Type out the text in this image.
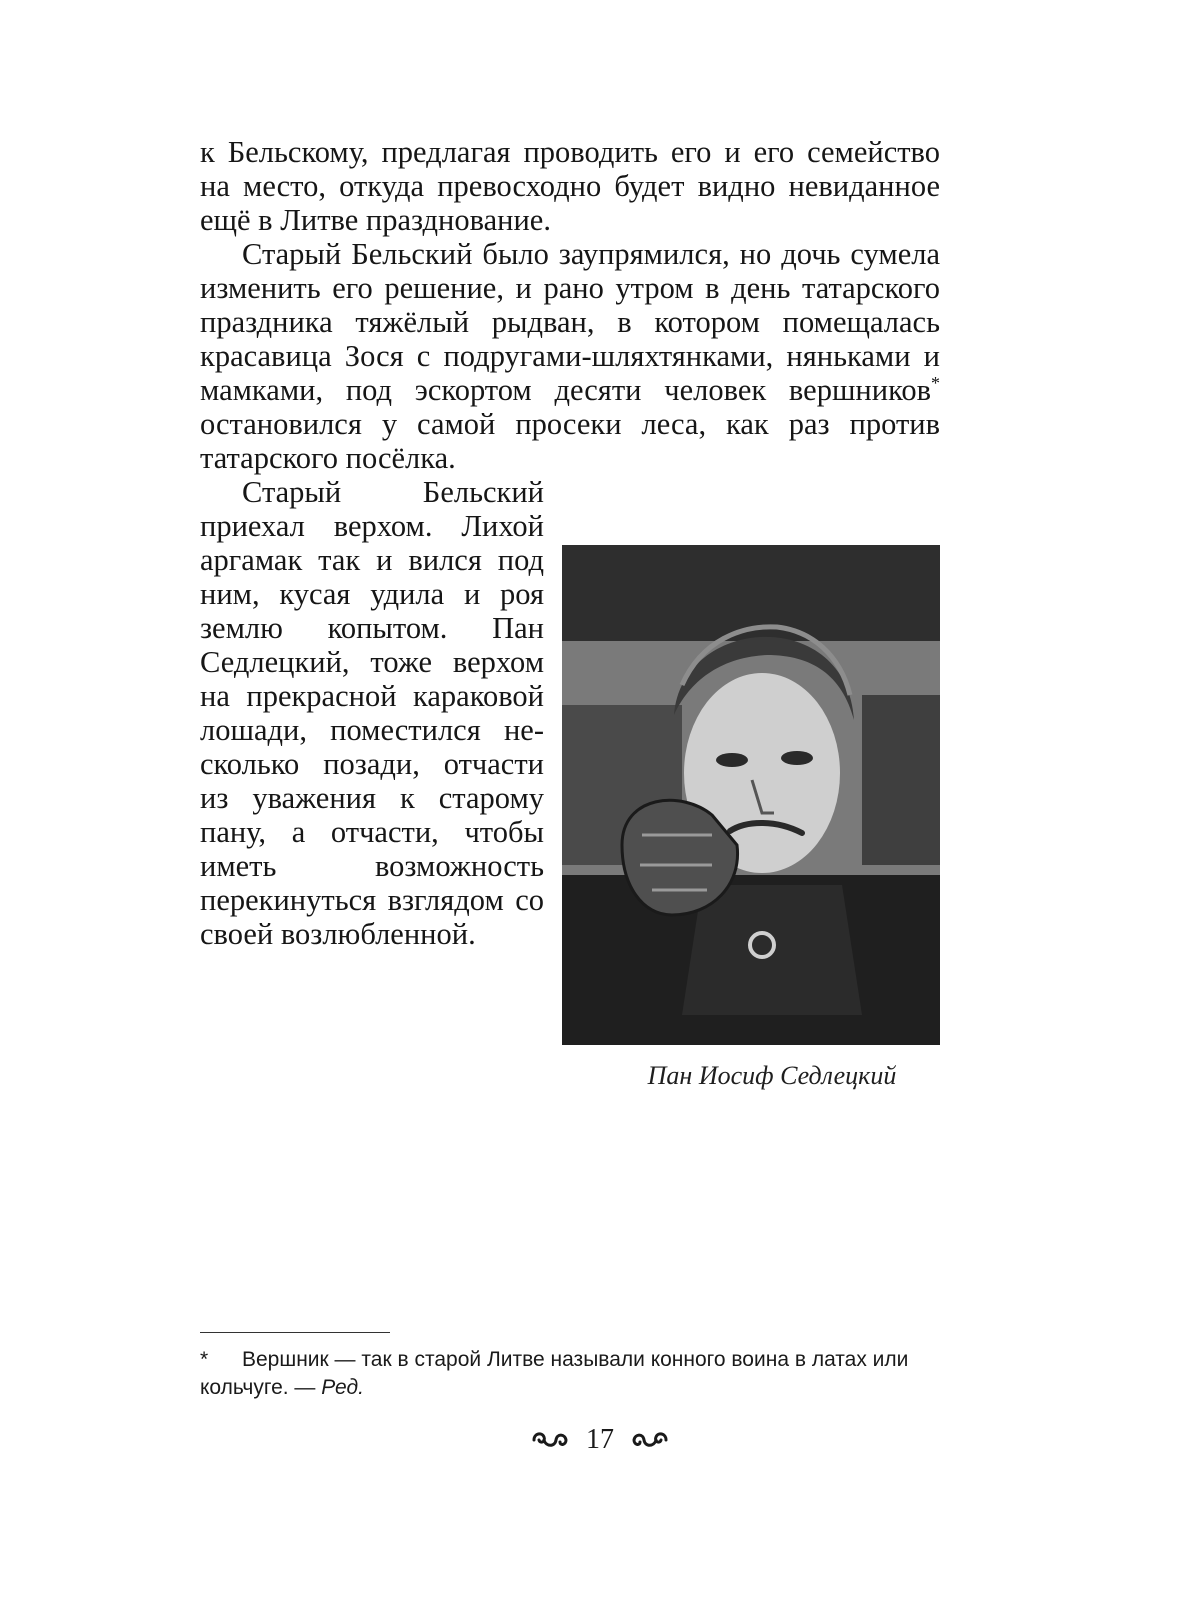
к Бельскому, предлагая проводить его и его семейство на место, откуда превосходно будет видно невиданное ещё в Литве празднование.

Старый Бельский было заупрямился, но дочь сумела изменить его решение, и рано утром в день татарского праздника тяжёлый рыдван, в котором помещалась красавица Зося с подругами-шляхтянками, няньками и мамками, под эскортом десяти человек вершников* остановился у самой просеки леса, как раз против татарского посёлка.

Пан Иосиф Седлецкий
Старый Бельский приехал верхом. Лихой аргамак так и вился под ним, кусая удила и роя землю копытом. Пан Седлецкий, тоже верхом на прекрасной караковой лошади, поместился несколько позади, отчасти из уважения к старому пану, а отчасти, чтобы иметь возможность перекинуться взглядом со своей возлюбленной.

* Вершник — так в старой Литве называли конного воина в латах или кольчуге. — Ред.
17
